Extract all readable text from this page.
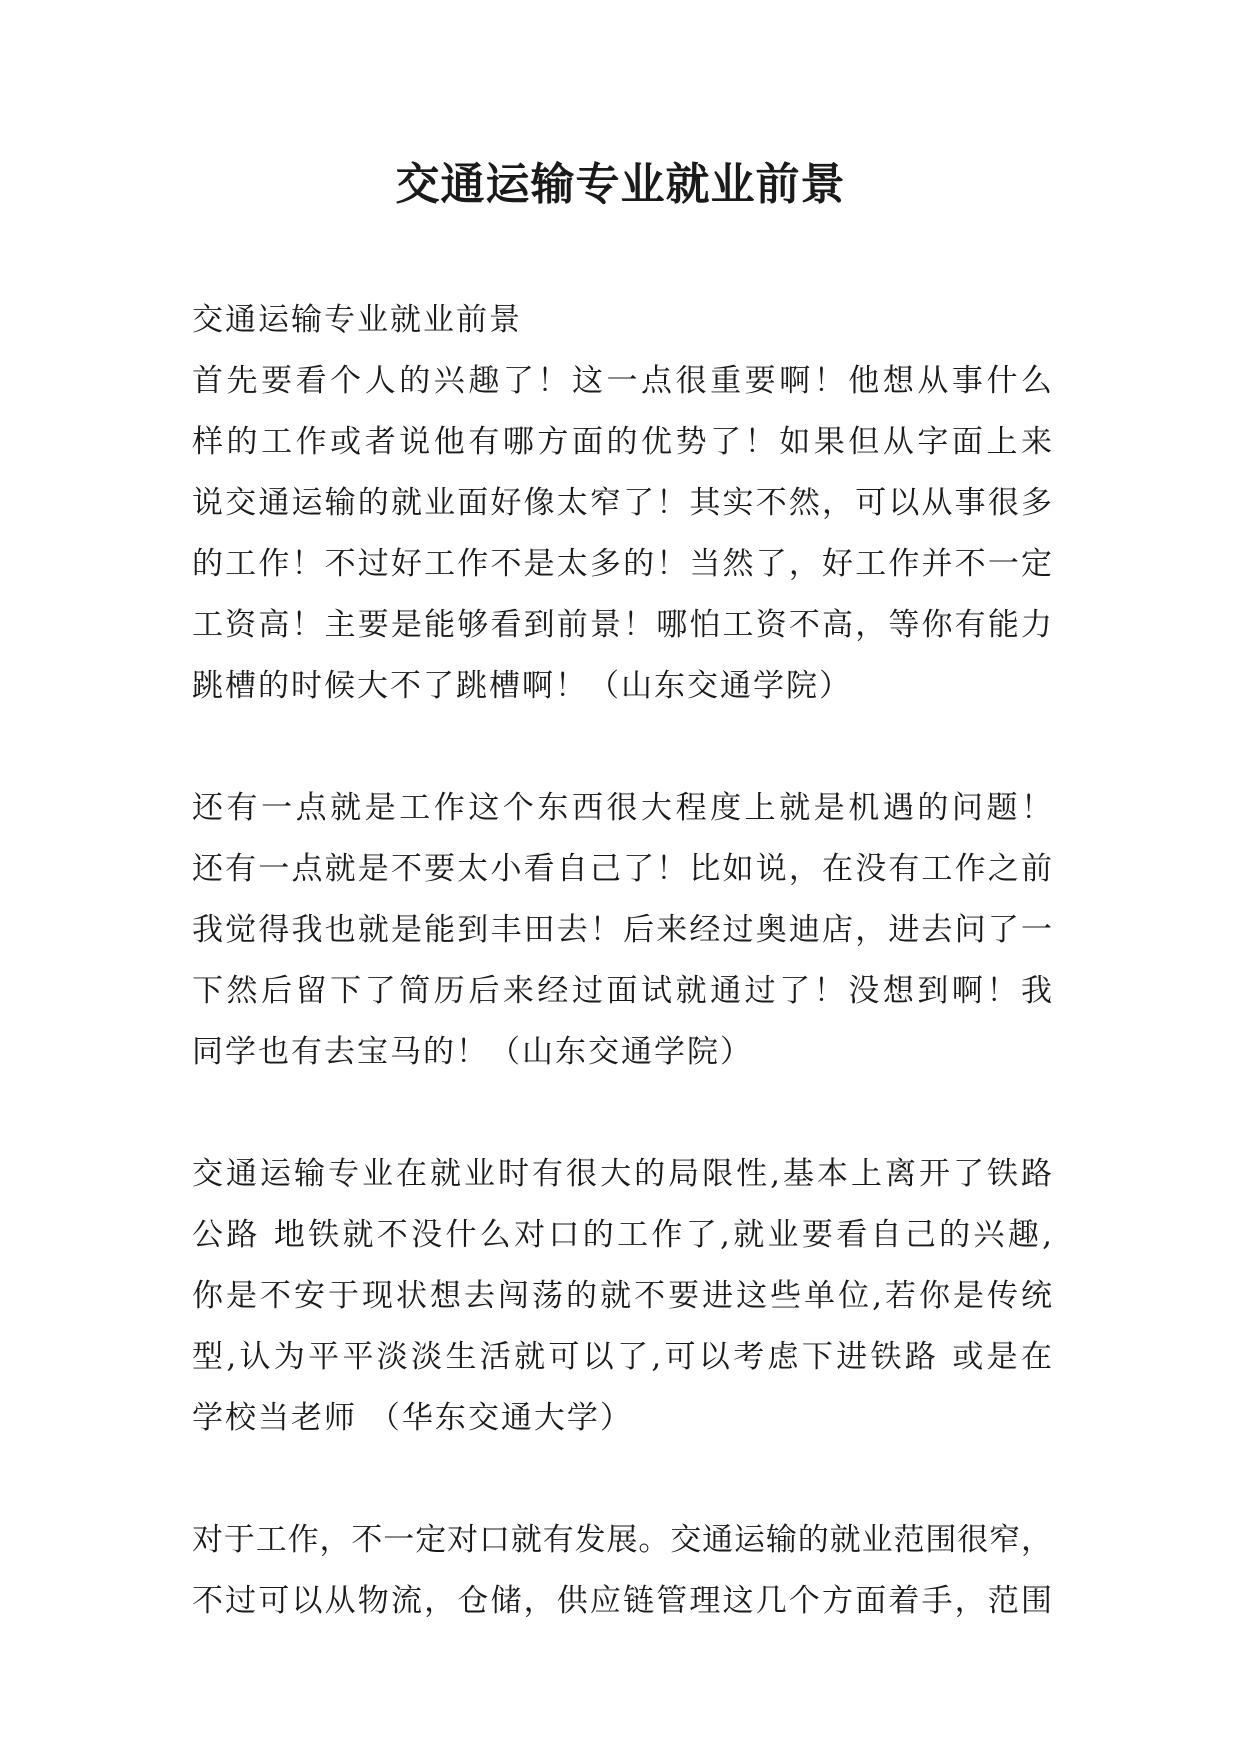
交通运输专业就业前景

交通运输专业就业前景

首先要看个人的兴趣了！这一点很重要啊！他想从事什么
样的工作或者说他有哪方面的优势了！如果但从字面上来
说交通运输的就业面好像太窄了！其实不然，可以从事很多
的工作！不过好工作不是太多的！当然了，好工作并不一定
工资高！主要是能够看到前景！哪怕工资不高，等你有能力
跳槽的时候大不了跳槽啊！（山东交通学院）
还有一点就是工作这个东西很大程度上就是机遇的问题！
还有一点就是不要太小看自己了！比如说，在没有工作之前
我觉得我也就是能到丰田去！后来经过奥迪店，进去问了一
下然后留下了简历后来经过面试就通过了！没想到啊！我
同学也有去宝马的！（山东交通学院）
交通运输专业在就业时有很大的局限性,基本上离开了铁路
公路 地铁就不没什么对口的工作了,就业要看自己的兴趣,
你是不安于现状想去闯荡的就不要进这些单位,若你是传统
型,认为平平淡淡生活就可以了,可以考虑下进铁路 或是在
学校当老师 （华东交通大学）
对于工作，不一定对口就有发展。交通运输的就业范围很窄，
不过可以从物流，仓储，供应链管理这几个方面着手，范围
